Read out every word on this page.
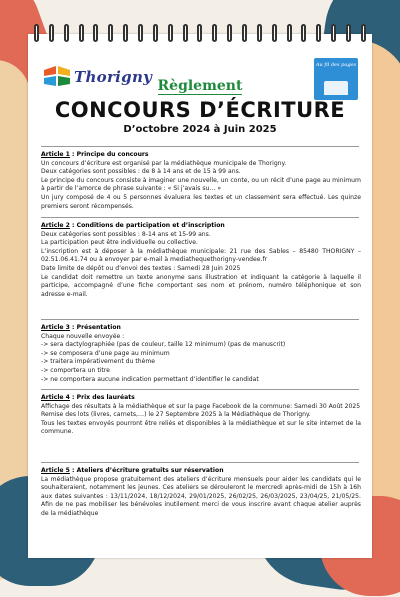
Thorigny
Au fil des pages
Règlement
CONCOURS D’ÉCRITURE
D’octobre 2024 à Juin 2025
Article 1 : Principe du concours

Un concours d’écriture est organisé par la médiathèque municipale de Thorigny.

Deux catégories sont possibles : de 8 à 14 ans et de 15 à 99 ans.

Le principe du concours consiste à imaginer une nouvelle, un conte, ou un récit d’une page au minimum à partir de l’amorce de phrase suivante : « Si j’avais su… »

Un jury composé de 4 ou 5 personnes évaluera les textes et un classement sera effectué. Les quinze premiers seront récompensés.

Article 2 : Conditions de participation et d’inscription

Deux catégories sont possibles : 8-14 ans et 15-99 ans.

La participation peut être individuelle ou collective.

L’inscription est à déposer à la médiathèque municipale: 21 rue des Sables – 85480 THORIGNY – 02.51.06.41.74 ou à envoyer par e-mail à mediathequethorigny-vendee.fr

Date limite de dépôt ou d’envoi des textes : Samedi 28 Juin 2025

Le candidat doit remettre un texte anonyme sans illustration et indiquant la catégorie à laquelle il participe, accompagné d’une fiche comportant ses nom et prénom, numéro téléphonique et son adresse e-mail.

Article 3 : Présentation

Chaque nouvelle envoyée :

-> sera dactylographiée (pas de couleur, taille 12 minimum) (pas de manuscrit)

-> se composera d’une page au minimum

-> traitera impérativement du thème

-> comportera un titre

-> ne comportera aucune indication permettant d’identifier le candidat

Article 4 : Prix des lauréats

Affichage des résultats à la médiathèque et sur la page Facebook de la commune: Samedi 30 Août 2025

Remise des lots (livres, carnets,…) le 27 Septembre 2025 à la Médiathèque de Thorigny.

Tous les textes envoyés pourront être reliés et disponibles à la médiathèque et sur le site internet de la commune.

Article 5 : Ateliers d’écriture gratuits sur réservation

La médiathèque propose gratuitement des ateliers d’écriture mensuels pour aider les candidats qui le souhaiteraient, notamment les jeunes. Ces ateliers se dérouleront le mercredi après-midi de 15h à 16h aux dates suivantes : 13/11/2024, 18/12/2024, 29/01/2025, 26/02/25, 26/03/2025, 23/04/25, 21/05/25. Afin de ne pas mobiliser les bénévoles inutilement merci de vous inscrire avant chaque atelier auprès de la médiathèque
